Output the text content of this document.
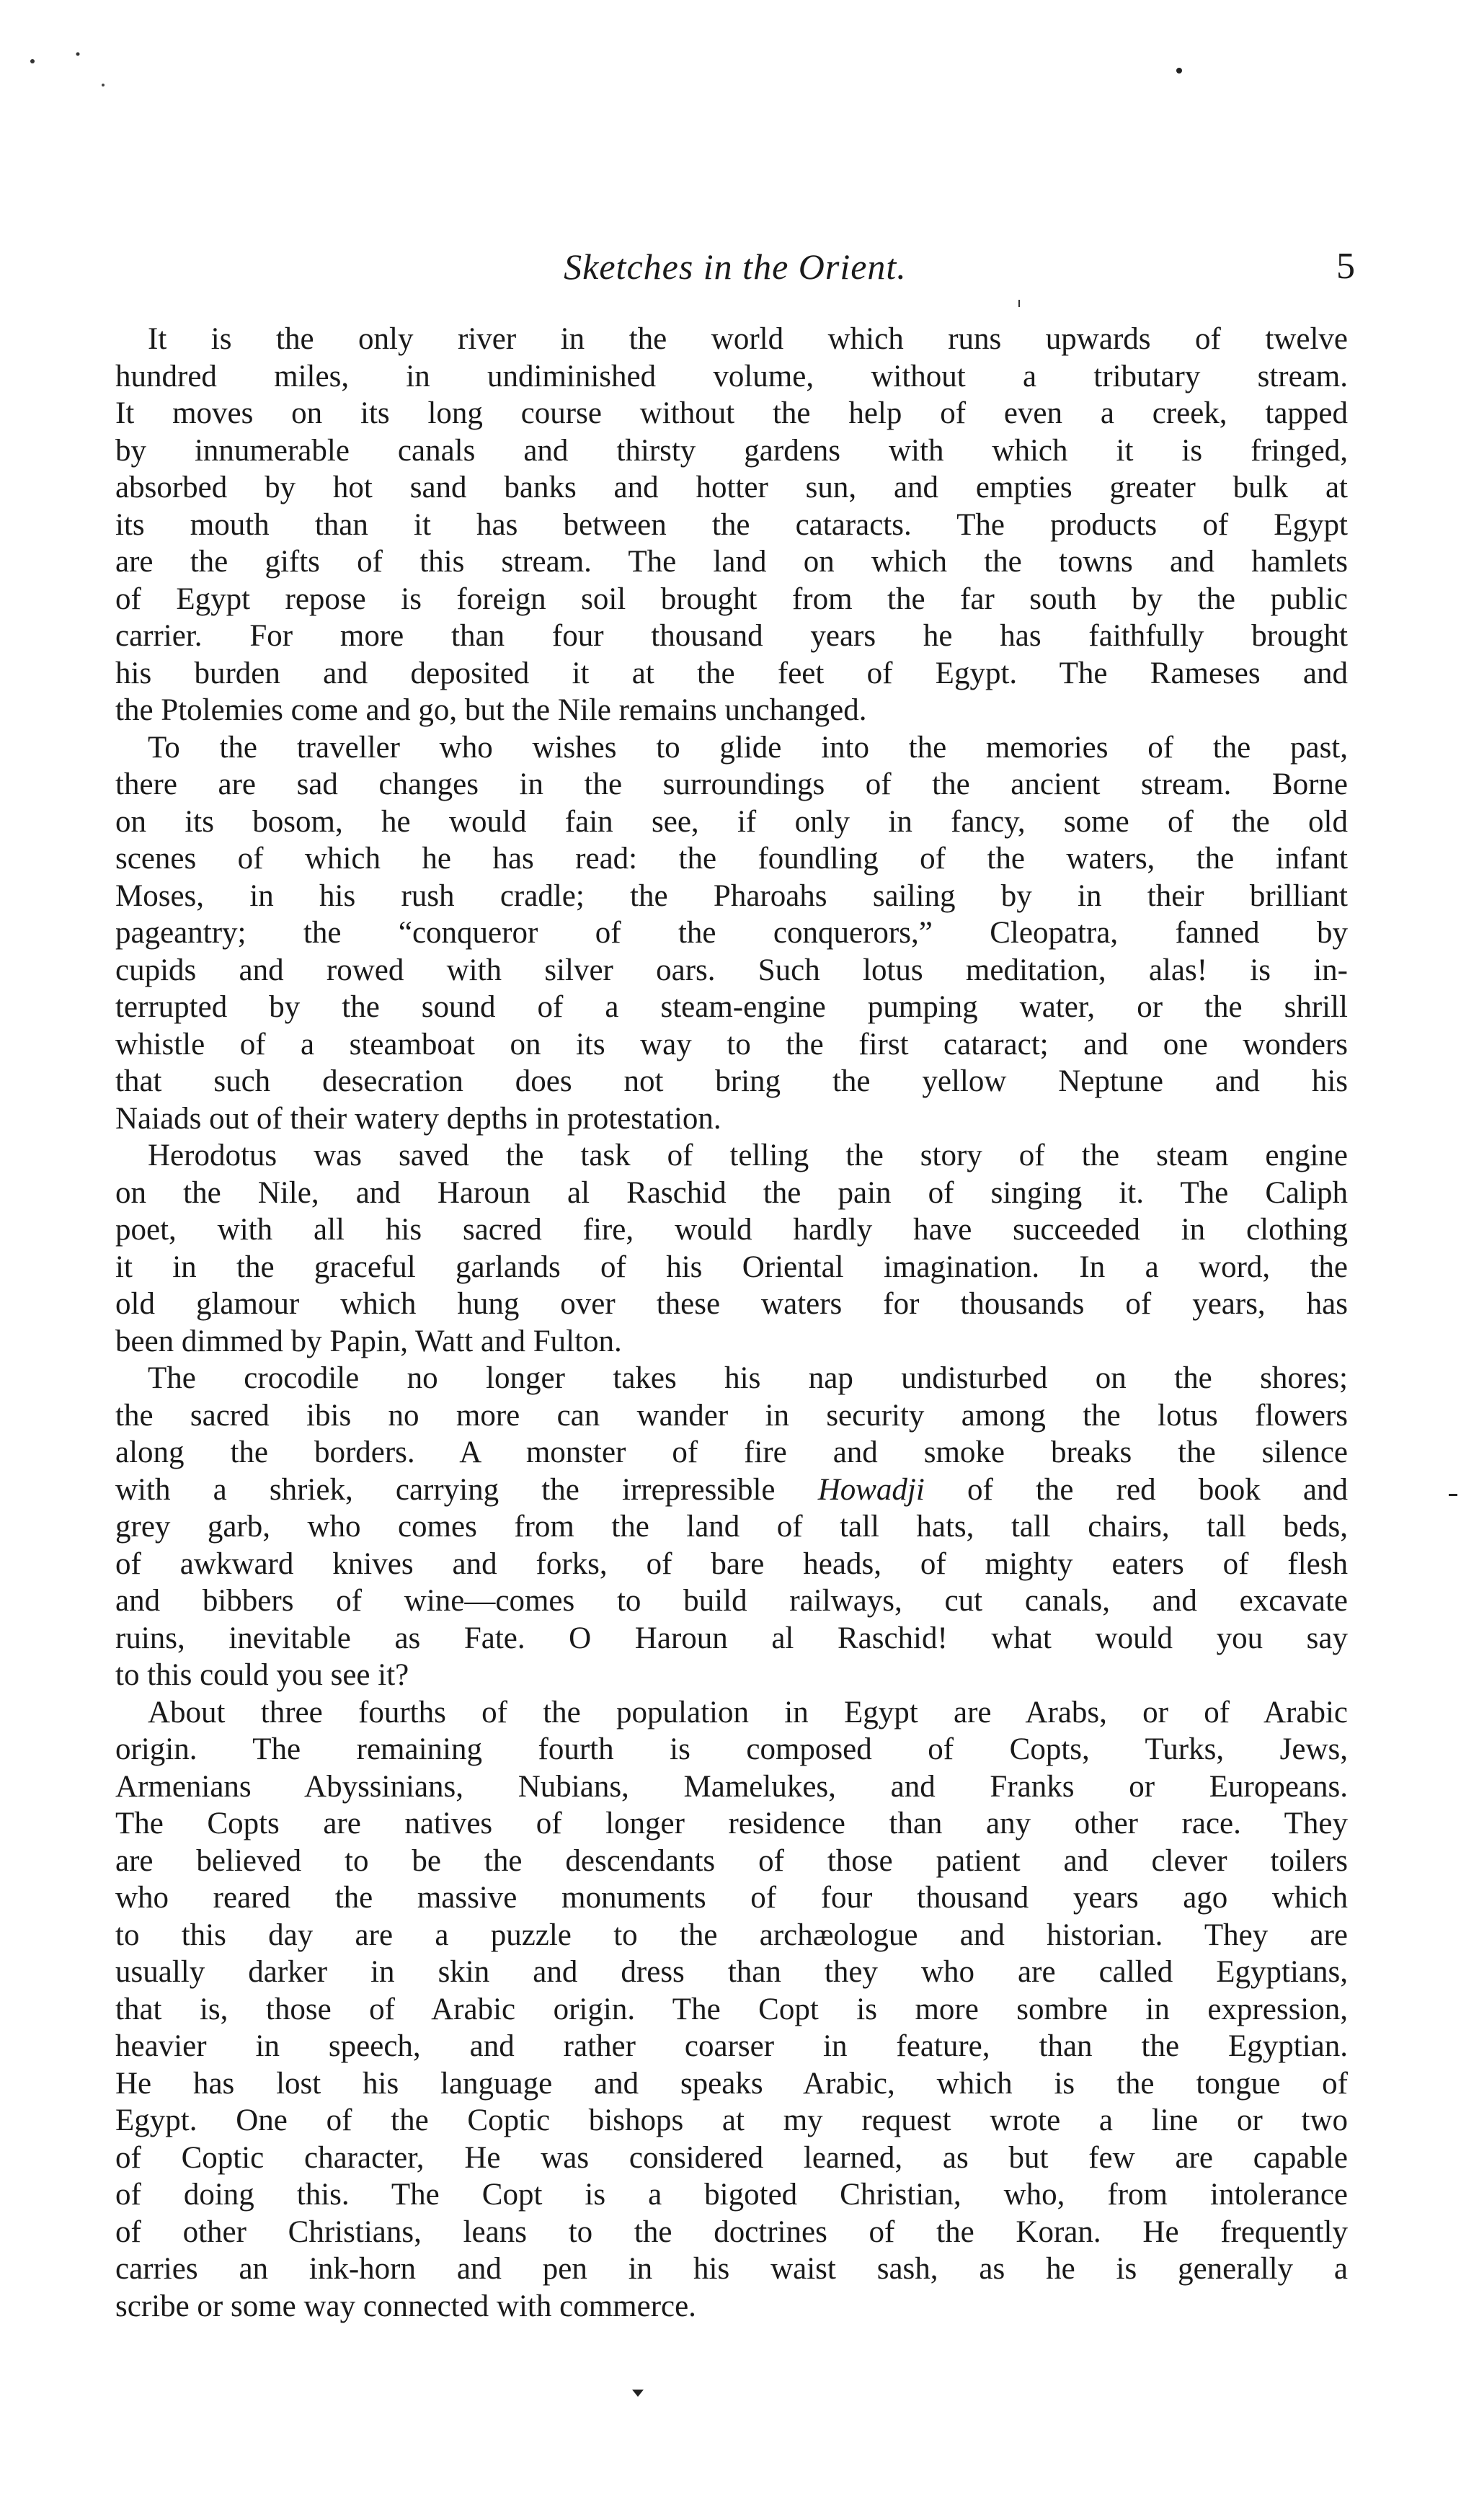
Sketches in the Orient.	5
It is the only river in the world which runs upwards of twelve
hundred miles, in undiminished volume, without a tributary stream.
It moves on its long course without the help of even a creek, tapped
by innumerable canals and thirsty gardens with which it is fringed,
absorbed by hot sand banks and hotter sun, and empties greater bulk at
its mouth than it has between the cataracts. The products of Egypt
are the gifts of this stream. The land on which the towns and hamlets
of Egypt repose is foreign soil brought from the far south by the public
carrier. For more than four thousand years he has faithfully brought
his burden and deposited it at the feet of Egypt. The Rameses and
the Ptolemies come and go, but the Nile remains unchanged.
To the traveller who wishes to glide into the memories of the past,
there are sad changes in the surroundings of the ancient stream. Borne
on its bosom, he would fain see, if only in fancy, some of the old
scenes of which he has read: the foundling of the waters, the infant
Moses, in his rush cradle; the Pharoahs sailing by in their brilliant
pageantry; the “conqueror of the conquerors,” Cleopatra, fanned by
cupids and rowed with silver oars. Such lotus meditation, alas! is in-
terrupted by the sound of a steam-engine pumping water, or the shrill
whistle of a steamboat on its way to the first cataract; and one wonders
that such desecration does not bring the yellow Neptune and his
Naiads out of their watery depths in protestation.
Herodotus was saved the task of telling the story of the steam engine
on the Nile, and Haroun al Raschid the pain of singing it. The Caliph
poet, with all his sacred fire, would hardly have succeeded in clothing
it in the graceful garlands of his Oriental imagination. In a word, the
old glamour which hung over these waters for thousands of years, has
been dimmed by Papin, Watt and Fulton.
The crocodile no longer takes his nap undisturbed on the shores;
the sacred ibis no more can wander in security among the lotus flowers
along the borders. A monster of fire and smoke breaks the silence
with a shriek, carrying the irrepressible Howadji of the red book and
grey garb, who comes from the land of tall hats, tall chairs, tall beds,
of awkward knives and forks, of bare heads, of mighty eaters of flesh
and bibbers of wine—comes to build railways, cut canals, and excavate
ruins, inevitable as Fate. O Haroun al Raschid! what would you say
to this could you see it?
About three fourths of the population in Egypt are Arabs, or of Arabic
origin. The remaining fourth is composed of Copts, Turks, Jews,
Armenians Abyssinians, Nubians, Mamelukes, and Franks or Europeans.
The Copts are natives of longer residence than any other race. They
are believed to be the descendants of those patient and clever toilers
who reared the massive monuments of four thousand years ago which
to this day are a puzzle to the archæologue and historian. They are
usually darker in skin and dress than they who are called Egyptians,
that is, those of Arabic origin. The Copt is more sombre in expression,
heavier in speech, and rather coarser in feature, than the Egyptian.
He has lost his language and speaks Arabic, which is the tongue of
Egypt. One of the Coptic bishops at my request wrote a line or two
of Coptic character, He was considered learned, as but few are capable
of doing this. The Copt is a bigoted Christian, who, from intolerance
of other Christians, leans to the doctrines of the Koran. He frequently
carries an ink-horn and pen in his waist sash, as he is generally a
scribe or some way connected with commerce.
